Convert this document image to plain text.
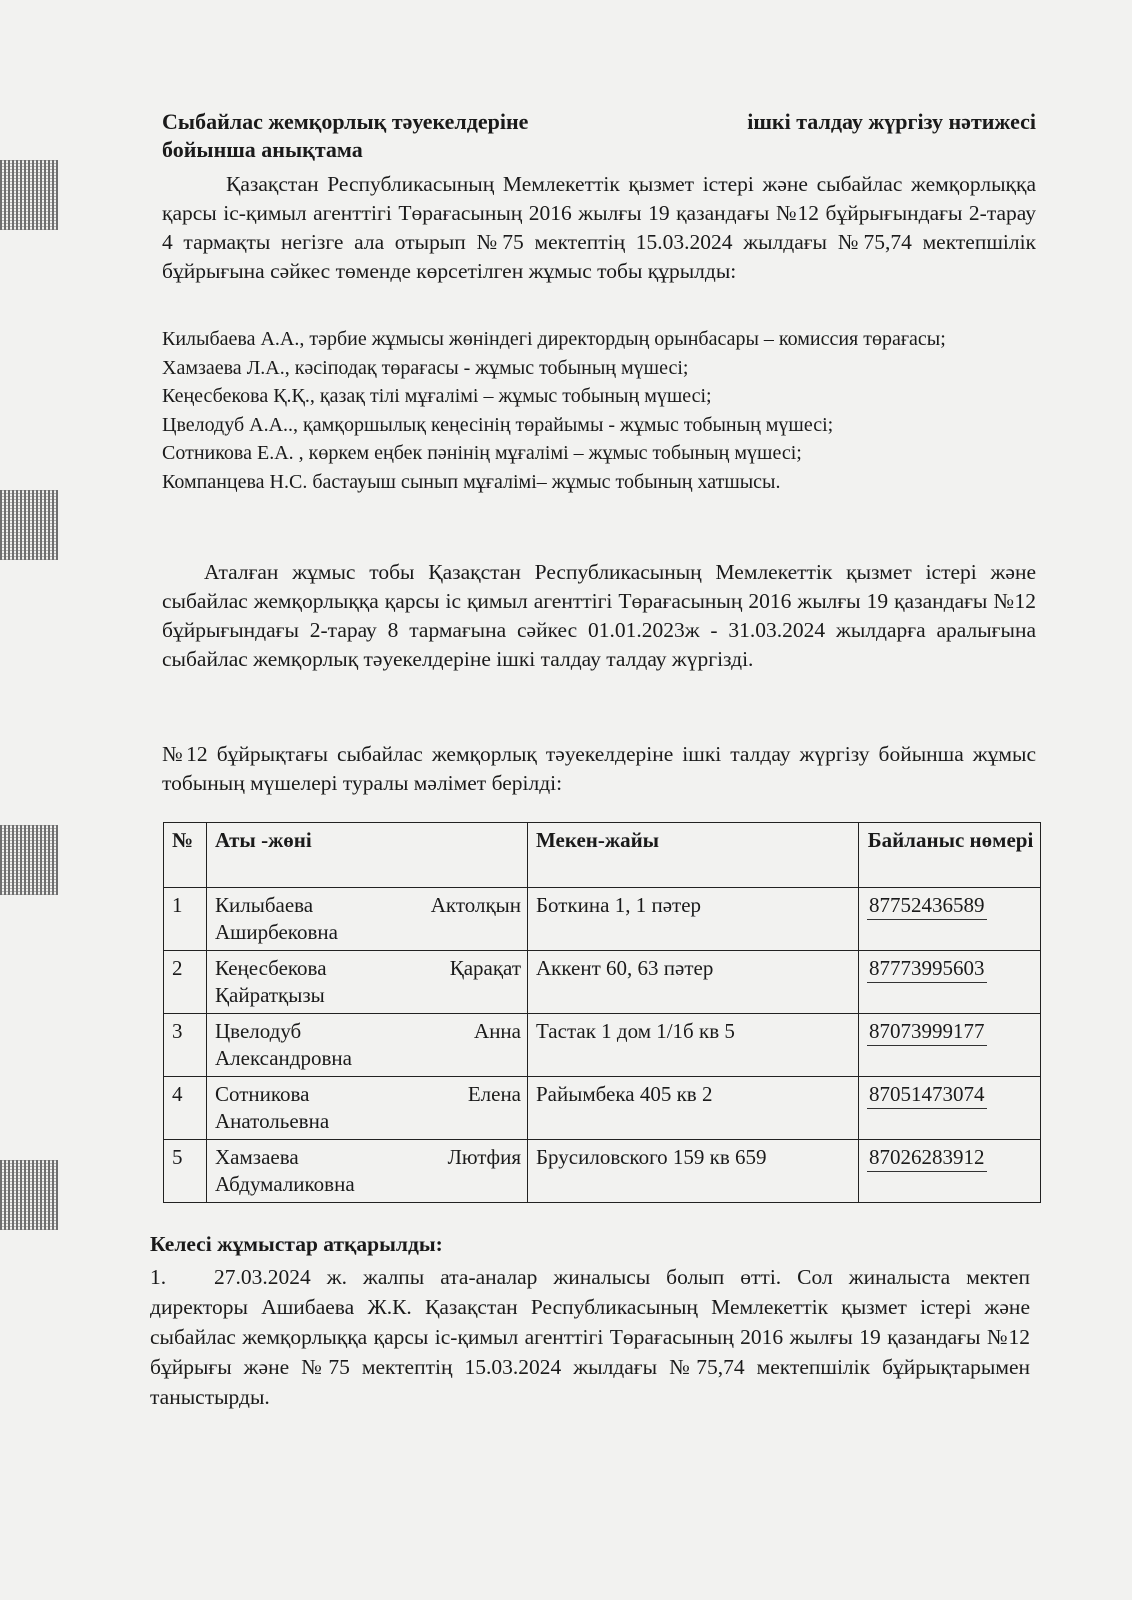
Сыбайлас жемқорлық тәуекелдеріне	ішкі талдау жүргізу нәтижесі
бойынша анықтама
Қазақстан Республикасының Мемлекеттік қызмет істері және сыбайлас жемқорлыққа қарсы іс-қимыл агенттігі Төрағасының 2016 жылғы 19 қазандағы №12 бұйрығындағы 2-тарау 4 тармақты негізге ала отырып №75 мектептің 15.03.2024 жылдағы №75,74 мектепшілік бұйрығына сәйкес төменде көрсетілген жұмыс тобы құрылды:
Килыбаева А.А., тәрбие жұмысы жөніндегі директордың орынбасары – комиссия төрағасы;
Хамзаева Л.А., кәсіподақ төрағасы - жұмыс тобының мүшесі;
Кеңесбекова Қ.Қ., қазақ тілі мұғалімі – жұмыс тобының мүшесі;
Цвелодуб А.А.., қамқоршылық кеңесінің төрайымы - жұмыс тобының мүшесі;
Сотникова Е.А. , көркем еңбек пәнінің мұғалімі – жұмыс тобының мүшесі;
Компанцева Н.С. бастауыш сынып мұғалімі– жұмыс тобының хатшысы.
Аталған жұмыс тобы Қазақстан Республикасының Мемлекеттік қызмет істері және сыбайлас жемқорлыққа қарсы іс қимыл агенттігі Төрағасының 2016 жылғы 19 қазандағы №12 бұйрығындағы 2-тарау 8 тармағына сәйкес 01.01.2023ж - 31.03.2024 жылдарға аралығына сыбайлас жемқорлық тәуекелдеріне ішкі талдау талдау жүргізді.
№12 бұйрықтағы сыбайлас жемқорлық тәуекелдеріне ішкі талдау жүргізу бойынша жұмыс тобының мүшелері туралы мәлімет берілді:
№	Аты -жөні	Мекен-жайы	Байланыс нөмері
1	Килыбаева Актолқын
Аширбековна	Боткина 1, 1 пәтер	87752436589
2	Кеңесбекова Қарақат
Қайратқызы	Аккент 60, 63 пәтер	87773995603
3	Цвелодуб Анна
Александровна	Тастак 1 дом 1/1б кв 5	87073999177
4	Сотникова Елена
Анатольевна	Райымбека 405 кв 2	87051473074
5	Хамзаева Лютфия
Абдумаликовна	Брусиловского 159 кв 659	87026283912
Келесі жұмыстар атқарылды:
1. 27.03.2024 ж. жалпы ата-аналар жиналысы болып өтті. Сол жиналыста мектеп директоры Ашибаева Ж.К. Қазақстан Республикасының Мемлекеттік қызмет істері және сыбайлас жемқорлыққа қарсы іс-қимыл агенттігі Төрағасының 2016 жылғы 19 қазандағы №12 бұйрығы және №75 мектептің 15.03.2024 жылдағы №75,74 мектепшілік бұйрықтарымен таныстырды.
